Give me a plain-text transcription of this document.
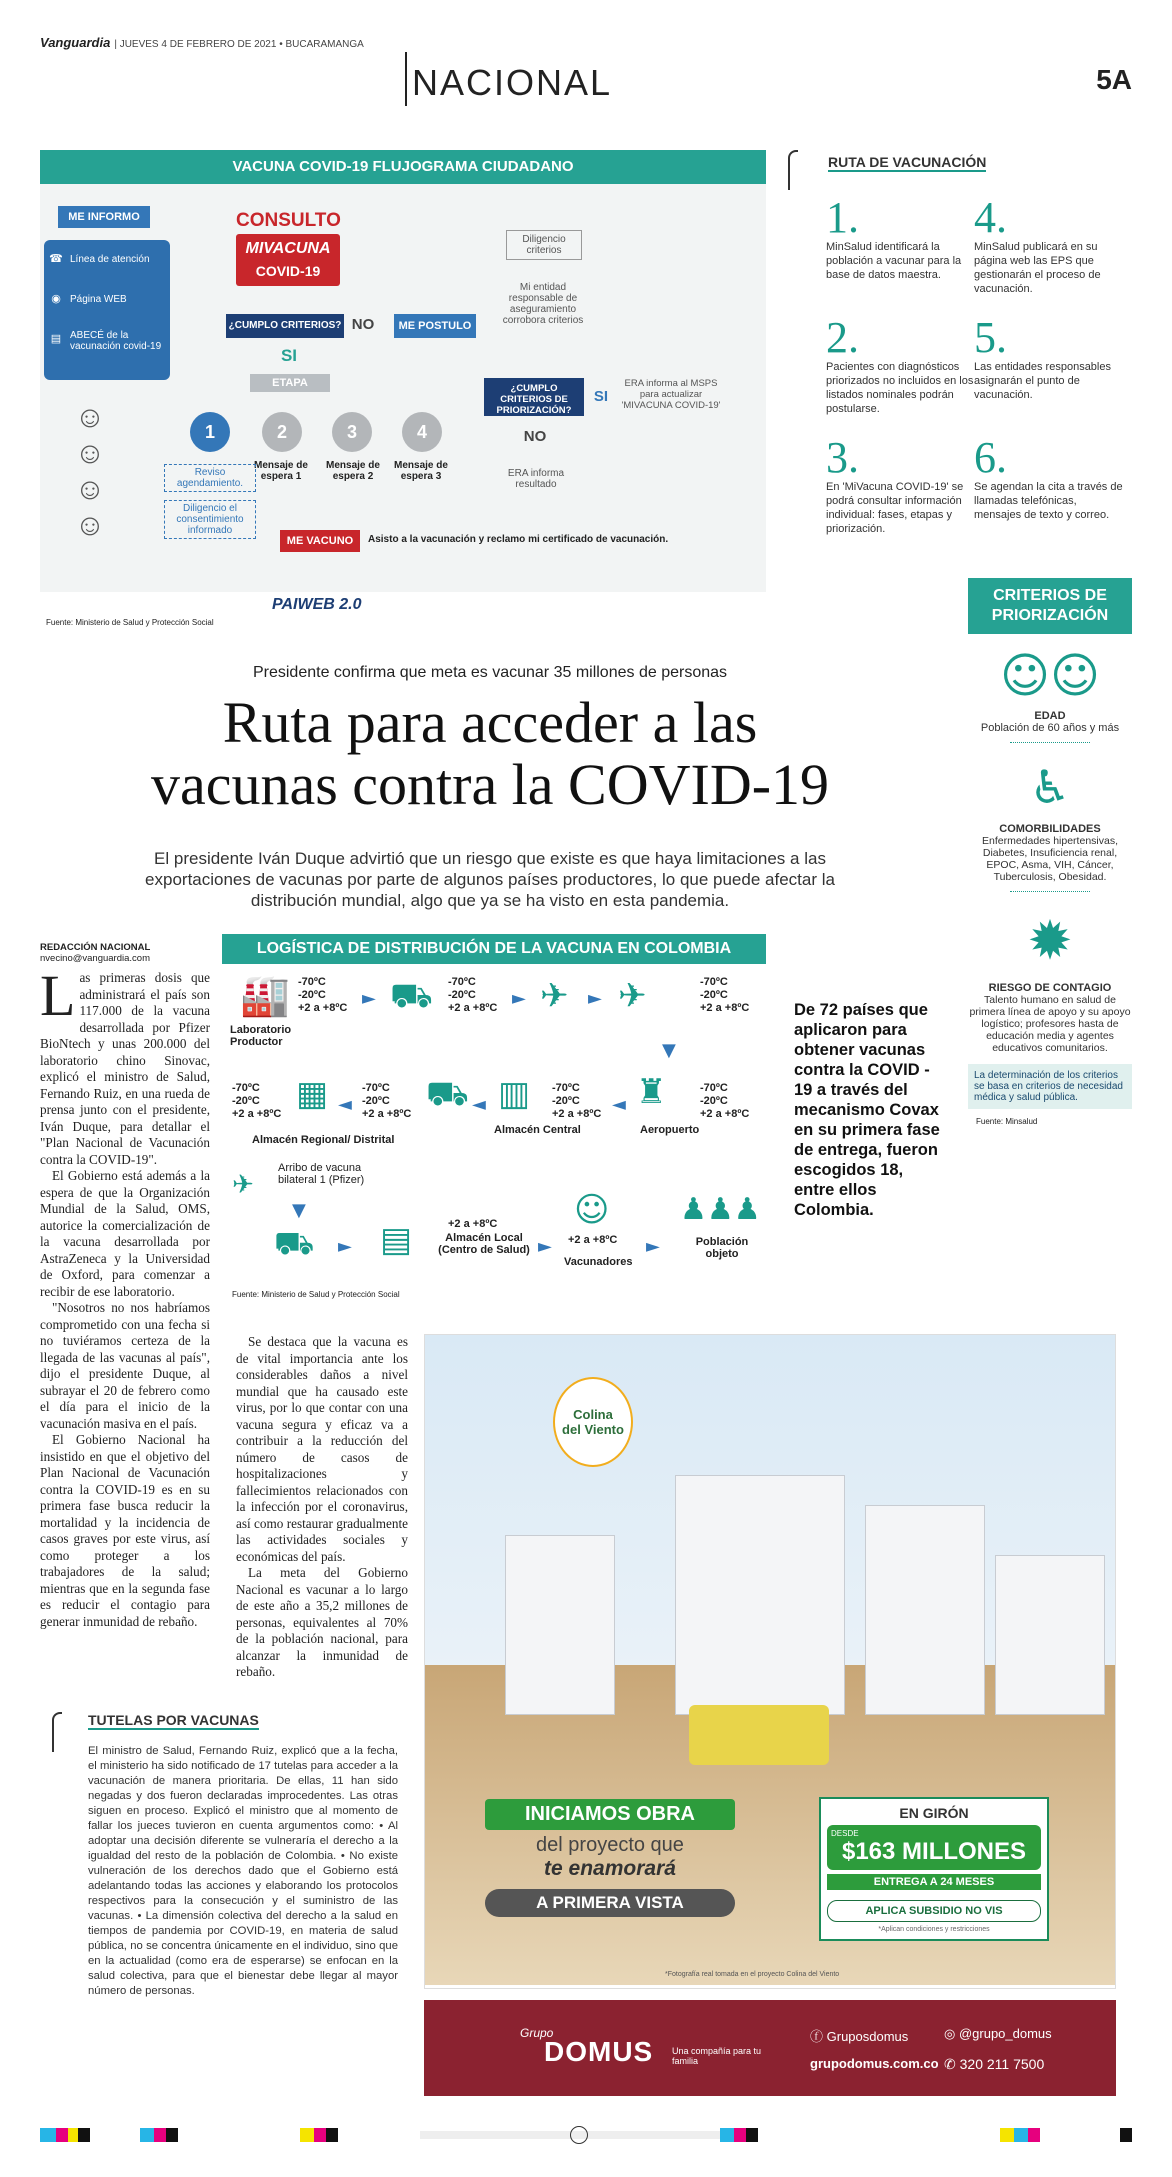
Vanguardia | JUEVES 4 DE FEBRERO DE 2021 • BUCARAMANGA
NACIONAL	5A
VACUNA COVID-19 FLUJOGRAMA CIUDADANO
ME INFORMO
☎ Línea de atención
◉ Página WEB
▤ ABECÉ de la vacunación covid-19
☺
☺
☺
☺
CONSULTO
MIVACUNA
COVID-19
¿CUMPLO CRITERIOS? NO	ME POSTULO
Diligencio criterios
Mi entidad responsable de aseguramiento corrobora criterios
SI
ETAPA
1	2	3	4
Mensaje de espera 1
Mensaje de espera 2
Mensaje de espera 3
Reviso agendamiento.
Diligencio el consentimiento informado
¿CUMPLO CRITERIOS DE PRIORIZACIÓN?
SI
ERA informa al MSPS para actualizar 'MIVACUNA COVID-19'
NO
ERA informa resultado
ME VACUNO	Asisto a la vacunación y reclamo mi certificado de vacunación.
PAIWEB 2.0
Fuente: Ministerio de Salud y Protección Social
RUTA DE VACUNACIÓN
1.
MinSalud identificará la población a vacunar para la base de datos maestra.
2.
Pacientes con diagnósticos priorizados no incluidos en los listados nominales podrán postularse.
3.
En 'MiVacuna COVID-19' se podrá consultar información individual: fases, etapas y priorización.
4.
MinSalud publicará en su página web las EPS que gestionarán el proceso de vacunación.
5.
Las entidades responsables asignarán el punto de vacunación.
6.
Se agendan la cita a través de llamadas telefónicas, mensajes de texto y correo.
CRITERIOS DE PRIORIZACIÓN
☺☺
EDAD
Población de 60 años y más
♿
COMORBILIDADES
Enfermedades hipertensivas, Diabetes, Insuficiencia renal, EPOC, Asma, VIH, Cáncer, Tuberculosis, Obesidad.
✹
RIESGO DE CONTAGIO
Talento humano en salud de primera línea de apoyo y su apoyo logístico; profesores hasta de educación media y agentes educativos comunitarios.
La determinación de los criterios se basa en criterios de necesidad médica y salud pública.
Fuente: Minsalud
Presidente confirma que meta es vacunar 35 millones de personas
Ruta para acceder a las
vacunas contra la COVID-19
El presidente Iván Duque advirtió que un riesgo que existe es que haya limitaciones a las exportaciones de vacunas por parte de algunos países productores, lo que puede afectar la distribución mundial, algo que ya se ha visto en esta pandemia.
REDACCIÓN NACIONAL
nvecino@vanguardia.com
L as primeras dosis que administrará el país son 117.000 de la vacuna desarrollada por Pfizer BioNtech y unas 200.000 del laboratorio chino Sinovac, explicó el ministro de Salud, Fernando Ruiz, en una rueda de prensa junto con el presidente, Iván Duque, para detallar el "Plan Nacional de Vacunación contra la COVID-19".

El Gobierno está además a la espera de que la Organización Mundial de la Salud, OMS, autorice la comercialización de la vacuna desarrollada por AstraZeneca y la Universidad de Oxford, para comenzar a recibir de ese laboratorio.

"Nosotros no nos habríamos comprometido con una fecha si no tuviéramos certeza de la llegada de las vacunas al país", dijo el presidente Duque, al subrayar el 20 de febrero como el día para el inicio de la vacunación masiva en el país.

El Gobierno Nacional ha insistido en que el objetivo del Plan Nacional de Vacunación contra la COVID-19 es en su primera fase busca reducir la mortalidad y la incidencia de casos graves por este virus, así como proteger a los trabajadores de la salud; mientras que en la segunda fase es reducir el contagio para generar inmunidad de rebaño.

LOGÍSTICA DE DISTRIBUCIÓN DE LA VACUNA EN COLOMBIA
🏭 -70ºC
-20ºC
+2 a +8ºC ► ⛟ -70ºC
-20ºC
+2 a +8ºC ► ✈ ► ✈	-70ºC
-20ºC
+2 a +8ºC
Laboratorio Productor	▼
-70ºC
-20ºC
+2 a +8ºC ▦ ◄
-70ºC
-20ºC
+2 a +8ºC ⛟ ◄ ▥ -70ºC
-20ºC
+2 a +8ºC ◄ ♜	-70ºC
-20ºC
+2 a +8ºC
Almacén Regional/ Distrital
Almacén Central	Aeropuerto
✈
Arribo de vacuna bilateral 1 (Pfizer)
▼
⛟ ► ▤	+2 a +8ºC
Almacén Local (Centro de Salud) ►
☺
+2 a +8ºC
Vacunadores
►
♟♟♟
Población objeto
Fuente: Ministerio de Salud y Protección Social
De 72 países que aplicaron para obtener vacunas contra la COVID - 19 a través del mecanismo Covax en su primera fase de entrega, fueron escogidos 18, entre ellos Colombia.

Se destaca que la vacuna es de vital importancia ante los considerables daños a nivel mundial que ha causado este virus, por lo que contar con una vacuna segura y eficaz va a contribuir a la reducción del número de casos de hospitalizaciones y fallecimientos relacionados con la infección por el coronavirus, así como restaurar gradualmente las actividades sociales y económicas del país.

La meta del Gobierno Nacional es vacunar a lo largo de este año a 35,2 millones de personas, equivalentes al 70% de la población nacional, para alcanzar la inmunidad de rebaño.

TUTELAS POR VACUNAS
El ministro de Salud, Fernando Ruiz, explicó que a la fecha, el ministerio ha sido notificado de 17 tutelas para acceder a la vacunación de manera prioritaria. De ellas, 11 han sido negadas y dos fueron declaradas improcedentes. Las otras siguen en proceso. Explicó el ministro que al momento de fallar los jueces tuvieron en cuenta argumentos como: • Al adoptar una decisión diferente se vulneraría el derecho a la igualdad del resto de la población de Colombia. • No existe vulneración de los derechos dado que el Gobierno está adelantando todas las acciones y elaborando los protocolos respectivos para la consecución y el suministro de las vacunas. • La dimensión colectiva del derecho a la salud en tiempos de pandemia por COVID-19, en materia de salud pública, no se concentra únicamente en el individuo, sino que en la actualidad (como era de esperarse) se enfocan en la salud colectiva, para que el bienestar debe llegar al mayor número de personas.
Colina
del Viento
INICIAMOS OBRA
del proyecto que
te enamorará
A PRIMERA VISTA
EN GIRÓN
DESDE
$163 MILLONES
ENTREGA A 24 MESES
APLICA SUBSIDIO NO VIS
*Aplican condiciones y restricciones
*Fotografía real tomada en el proyecto Colina del Viento
Grupo
DOMUS Una compañía para tu familia
ⓕ Gruposdomus	◎ @grupo_domus
grupodomus.com.co ✆ 320 211 7500
